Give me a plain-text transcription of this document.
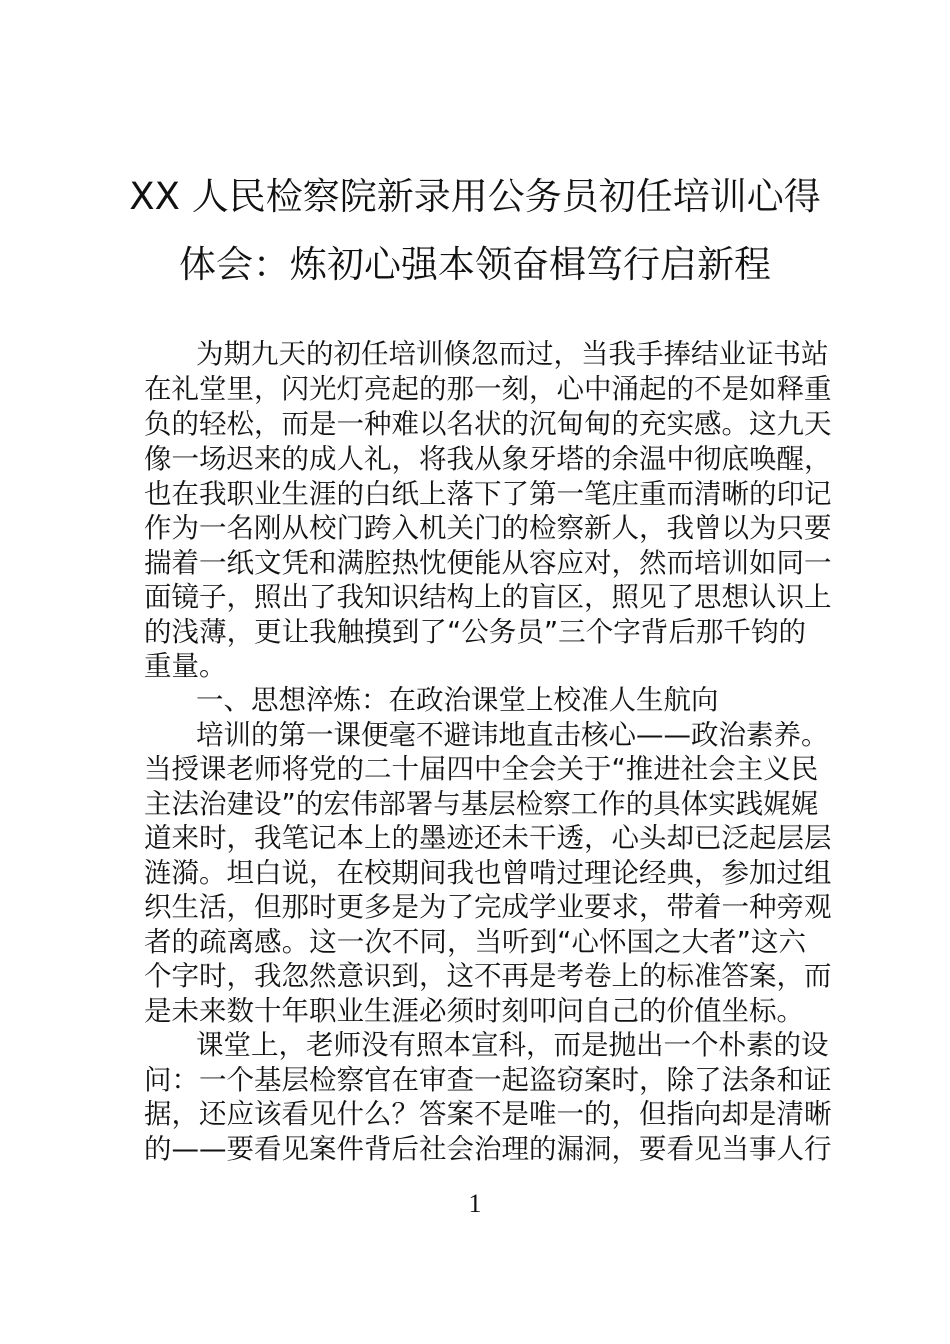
XX 人民检察院新录用公务员初任培训心得
体会：炼初心强本领奋楫笃行启新程
为期九天的初任培训倏忽而过，当我手捧结业证书站
在礼堂里，闪光灯亮起的那一刻，心中涌起的不是如释重
负的轻松，而是一种难以名状的沉甸甸的充实感。这九天
像一场迟来的成人礼，将我从象牙塔的余温中彻底唤醒，
也在我职业生涯的白纸上落下了第一笔庄重而清晰的印记
作为一名刚从校门跨入机关门的检察新人，我曾以为只要
揣着一纸文凭和满腔热忱便能从容应对，然而培训如同一
面镜子，照出了我知识结构上的盲区，照见了思想认识上
的浅薄，更让我触摸到了“公务员”三个字背后那千钧的
重量。
一、思想淬炼：在政治课堂上校准人生航向
培训的第一课便毫不避讳地直击核心——政治素养。
当授课老师将党的二十届四中全会关于“推进社会主义民
主法治建设”的宏伟部署与基层检察工作的具体实践娓娓
道来时，我笔记本上的墨迹还未干透，心头却已泛起层层
涟漪。坦白说，在校期间我也曾啃过理论经典，参加过组
织生活，但那时更多是为了完成学业要求，带着一种旁观
者的疏离感。这一次不同，当听到“心怀国之大者”这六
个字时，我忽然意识到，这不再是考卷上的标准答案，而
是未来数十年职业生涯必须时刻叩问自己的价值坐标。
课堂上，老师没有照本宣科，而是抛出一个朴素的设
问：一个基层检察官在审查一起盗窃案时，除了法条和证
据，还应该看见什么？答案不是唯一的，但指向却是清晰
的——要看见案件背后社会治理的漏洞，要看见当事人行
1
